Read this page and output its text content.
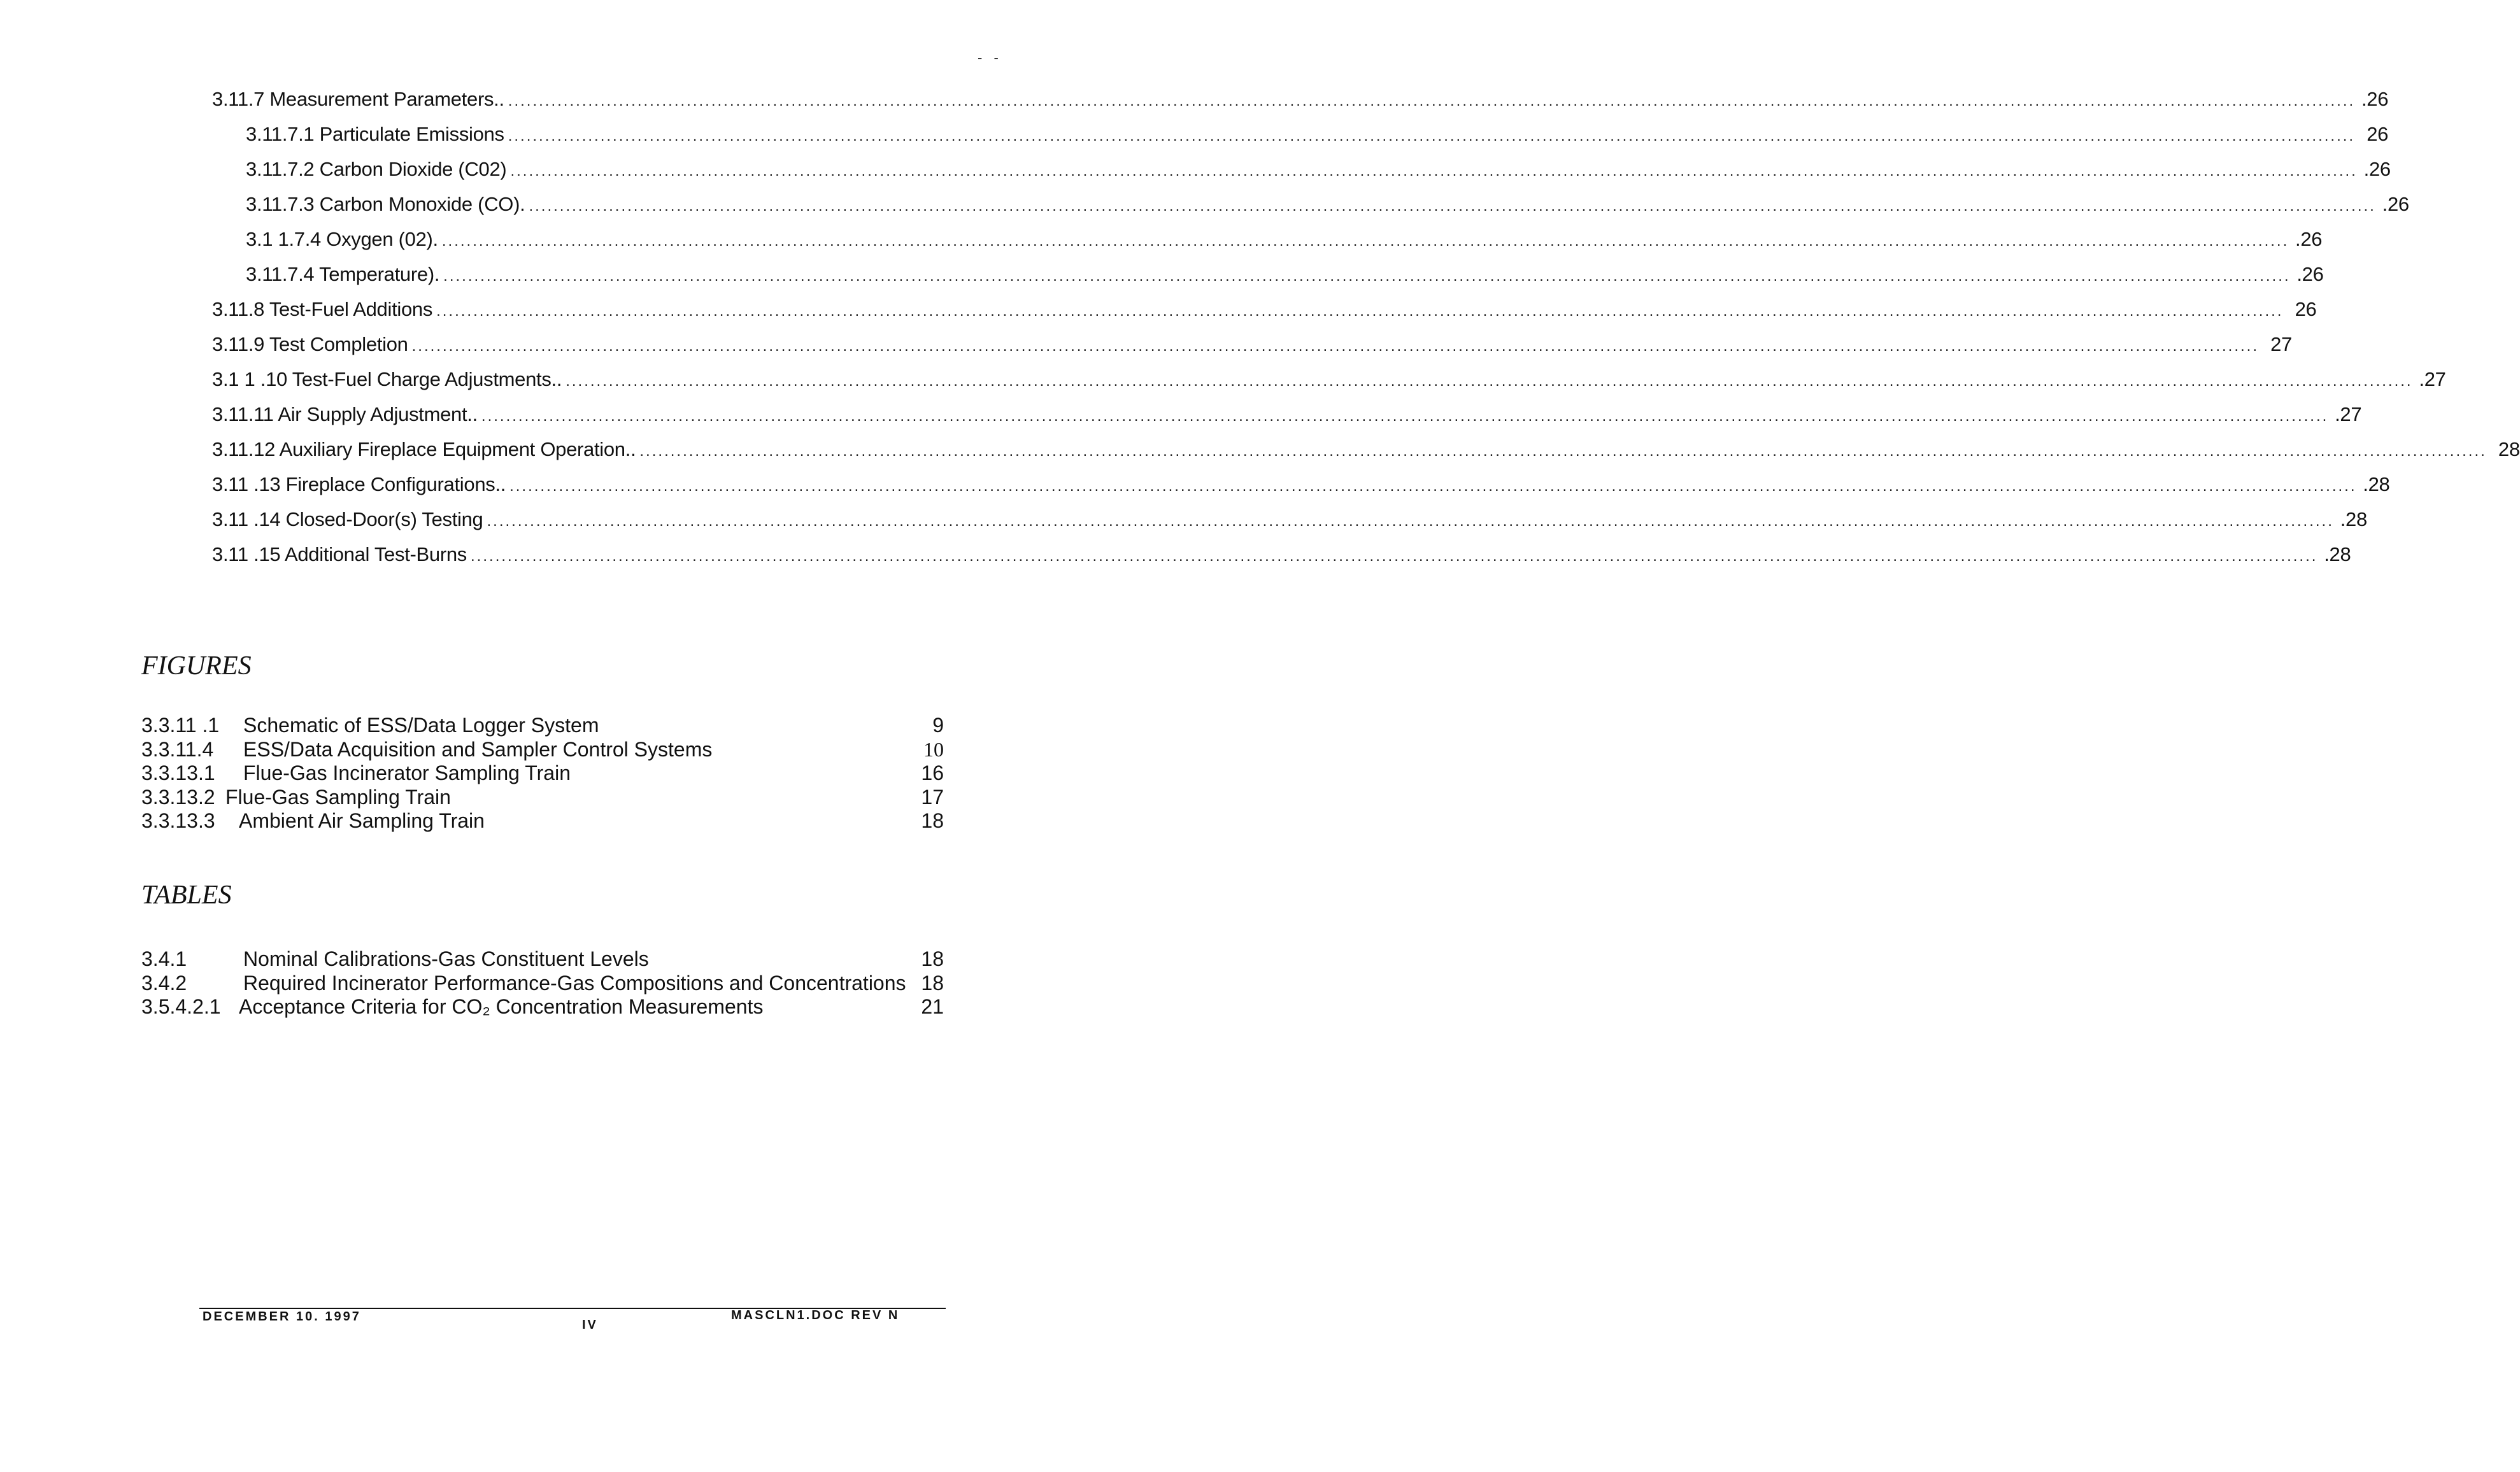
- -
3.11.7 Measurement Parameters.. ............................................................................................................................................................................................................................................................................................................ .26
3.11.7.1 Particulate Emissions ............................................................................................................................................................................................................................................................................................................ 26
3.11.7.2 Carbon Dioxide (C02) ............................................................................................................................................................................................................................................................................................................ .26
3.11.7.3 Carbon Monoxide (CO). ............................................................................................................................................................................................................................................................................................................ .26
3.1 1.7.4 Oxygen (02). ............................................................................................................................................................................................................................................................................................................ .26
3.11.7.4 Temperature). ............................................................................................................................................................................................................................................................................................................ .26
3.11.8 Test-Fuel Additions ............................................................................................................................................................................................................................................................................................................ 26
3.11.9 Test Completion ............................................................................................................................................................................................................................................................................................................ 27
3.1 1 .10 Test-Fuel Charge Adjustments.. ............................................................................................................................................................................................................................................................................................................ .27
3.11.11 Air Supply Adjustment.. ............................................................................................................................................................................................................................................................................................................ .27
3.11.12 Auxiliary Fireplace Equipment Operation.. ............................................................................................................................................................................................................................................................................................................ 28
3.11 .13 Fireplace Configurations.. ............................................................................................................................................................................................................................................................................................................ .28
3.11 .14 Closed-Door(s) Testing ............................................................................................................................................................................................................................................................................................................ .28
3.11 .15 Additional Test-Burns ............................................................................................................................................................................................................................................................................................................ .28
FIGURES
3.3.11 .1 Schematic of ESS/Data Logger System	9
3.3.11.4 ESS/Data Acquisition and Sampler Control Systems	10
3.3.13.1 Flue-Gas Incinerator Sampling Train	16
3.3.13.2 Flue-Gas Sampling Train	17
3.3.13.3 Ambient Air Sampling Train	18
TABLES
3.4.1	Nominal Calibrations-Gas Constituent Levels	18
3.4.2	Required Incinerator Performance-Gas Compositions and Concentrations 18
3.5.4.2.1 Acceptance Criteria for CO₂ Concentration Measurements	21
DECEMBER 10. 1997
IV
MASCLN1.DOC REV N
